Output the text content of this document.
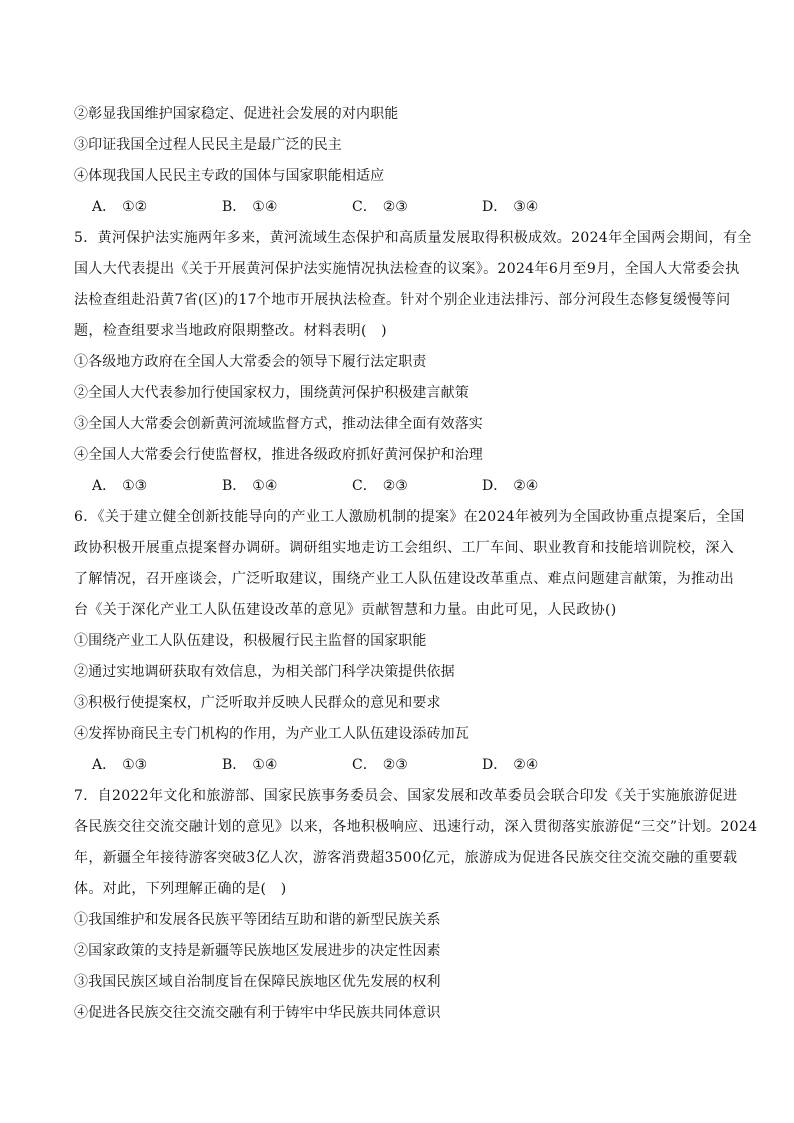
②彰显我国维护国家稳定、促进社会发展的对内职能
③印证我国全过程人民民主是最广泛的民主
④体现我国人民民主专政的国体与国家职能相适应
A． ①②	B． ①④	C． ②③	D． ③④
5．黄河保护法实施两年多来，黄河流域生态保护和高质量发展取得积极成效。2024年全国两会期间，有全
国人大代表提出《关于开展黄河保护法实施情况执法检查的议案》。2024年6月至9月，全国人大常委会执
法检查组赴沿黄7省(区)的17个地市开展执法检查。针对个别企业违法排污、部分河段生态修复缓慢等问
题，检查组要求当地政府限期整改。材料表明(　)
①各级地方政府在全国人大常委会的领导下履行法定职责
②全国人大代表参加行使国家权力，围绕黄河保护积极建言献策
③全国人大常委会创新黄河流域监督方式，推动法律全面有效落实
④全国人大常委会行使监督权，推进各级政府抓好黄河保护和治理
A． ①③	B． ①④	C． ②③	D． ②④
6．《关于建立健全创新技能导向的产业工人激励机制的提案》在2024年被列为全国政协重点提案后，全国
政协积极开展重点提案督办调研。调研组实地走访工会组织、工厂车间、职业教育和技能培训院校，深入
了解情况，召开座谈会，广泛听取建议，围绕产业工人队伍建设改革重点、难点问题建言献策，为推动出
台《关于深化产业工人队伍建设改革的意见》贡献智慧和力量。由此可见，人民政协()
①围绕产业工人队伍建设，积极履行民主监督的国家职能
②通过实地调研获取有效信息，为相关部门科学决策提供依据
③积极行使提案权，广泛听取并反映人民群众的意见和要求
④发挥协商民主专门机构的作用，为产业工人队伍建设添砖加瓦
A． ①③	B． ①④	C． ②③	D． ②④
7．自2022年文化和旅游部、国家民族事务委员会、国家发展和改革委员会联合印发《关于实施旅游促进
各民族交往交流交融计划的意见》以来，各地积极响应、迅速行动，深入贯彻落实旅游促“三交”计划。2024
年，新疆全年接待游客突破3亿人次，游客消费超3500亿元，旅游成为促进各民族交往交流交融的重要载
体。对此，下列理解正确的是(　)
①我国维护和发展各民族平等团结互助和谐的新型民族关系
②国家政策的支持是新疆等民族地区发展进步的决定性因素
③我国民族区域自治制度旨在保障民族地区优先发展的权利
④促进各民族交往交流交融有利于铸牢中华民族共同体意识
